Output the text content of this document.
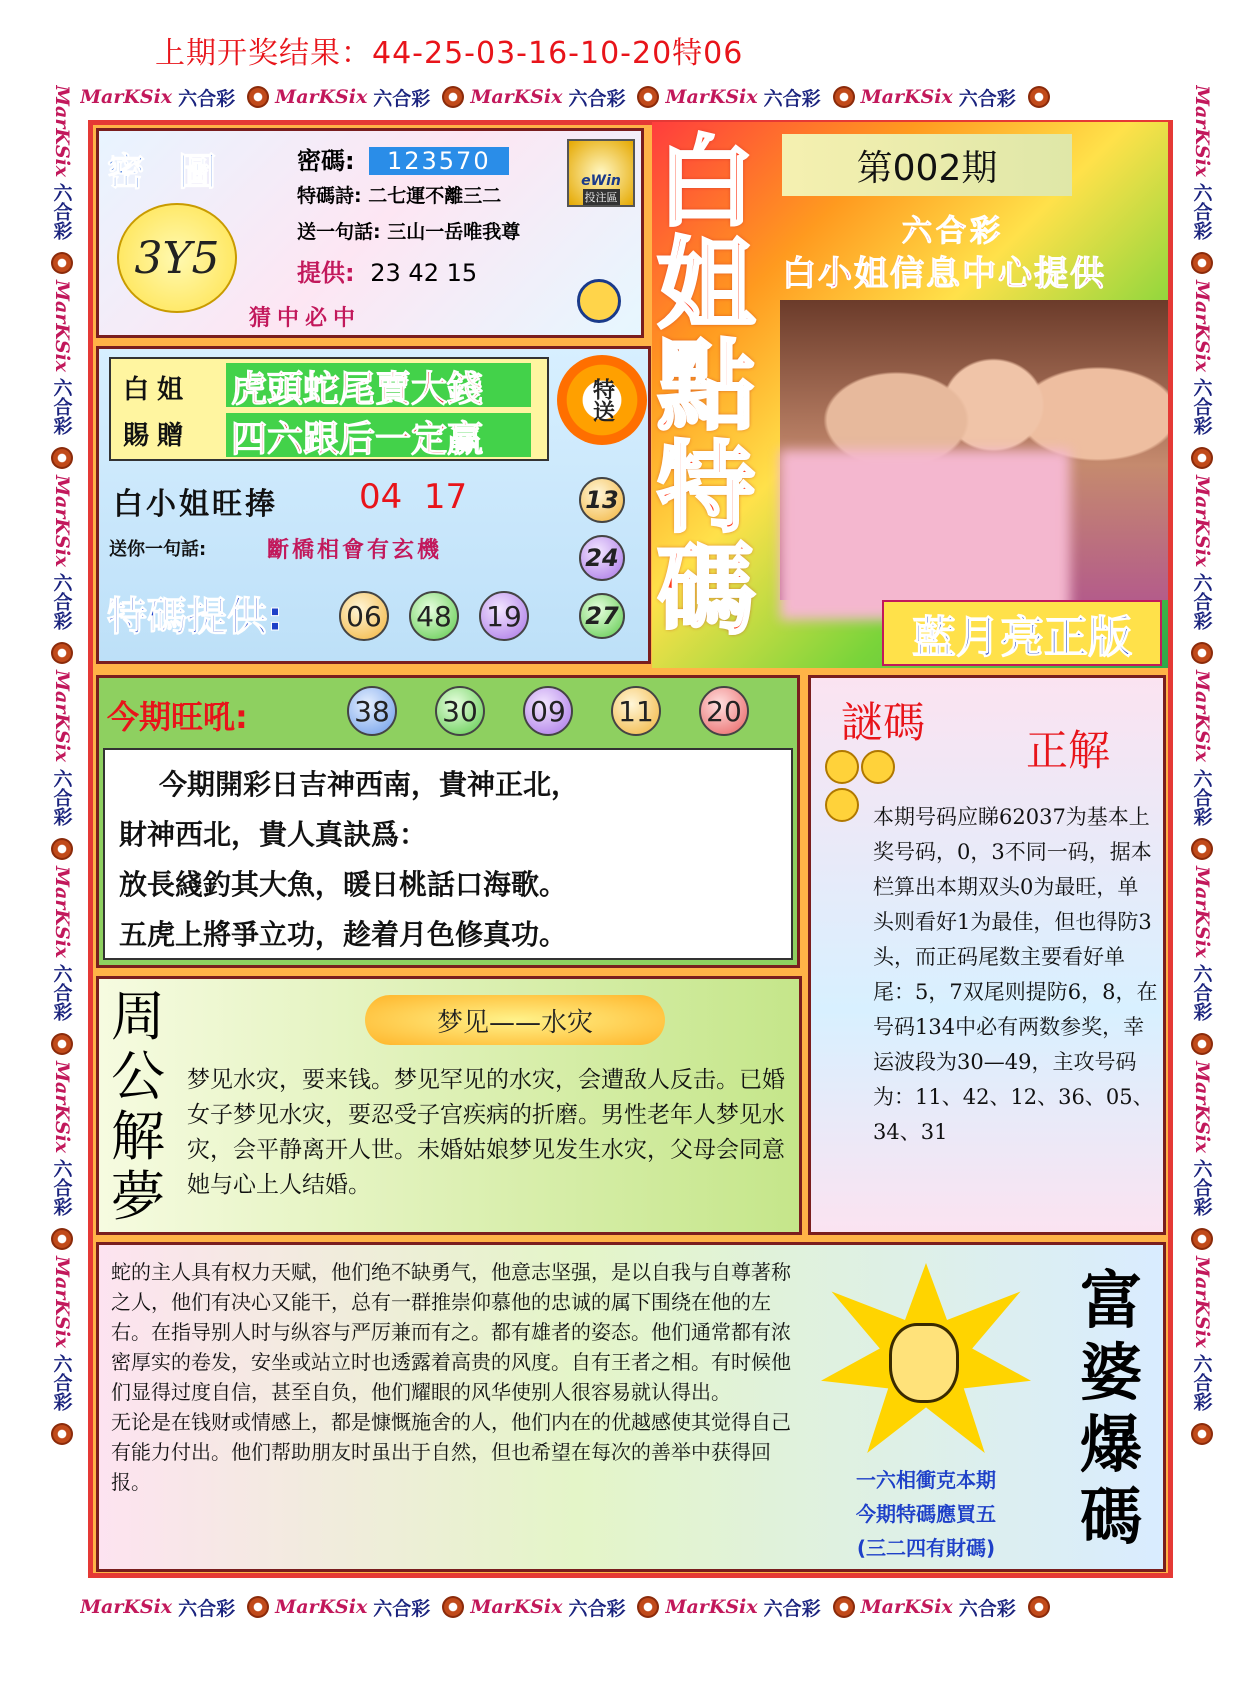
上期开奖结果：44-25-03-16-10-20特06
MarKSix 六合彩 MarKSix 六合彩 MarKSix 六合彩 MarKSix 六合彩 MarKSix 六合彩
MarKSix 六合彩 MarKSix 六合彩 MarKSix 六合彩 MarKSix 六合彩 MarKSix 六合彩
MarKSix
六合彩
MarKSix
六合彩
MarKSix
六合彩
MarKSix
六合彩
MarKSix
六合彩
MarKSix
六合彩
MarKSix
六合彩
MarKSix
六合彩
MarKSix
六合彩
MarKSix
六合彩
MarKSix
六合彩
MarKSix
六合彩
MarKSix
六合彩
MarKSix
六合彩
密 圖
3Y5
猜中必中
密碼: 123570
特碼詩: 二七運不離三二
送一句話: 三山一岳唯我尊
提供: 23 42 15
eWin
投注區
白姐
賜贈
虎頭蛇尾賣大錢
四六跟后一定赢
特送
白小姐旺捧 04  17
送你一句話:	斷橋相會有玄機
特碼提供: 06 48 19
13
24
27
第002期
六合彩
白小姐信息中心提供
白
姐
點
特
碼	藍月亮正版
今期旺吼:	38 30 09 11 20
今期開彩日吉神西南，貴神正北，
財神西北，貴人真訣爲：
放長綫釣其大魚，暖日桃話口海歌。
五虎上將爭立功，趁着月色修真功。
謎碼
正解
本期号码应睇62037为基本上奖号码，0，3不同一码，据本栏算出本期双头0为最旺，单头则看好1为最佳，但也得防3头，而正码尾数主要看好单尾：5，7双尾则提防6，8，在号码134中必有两数参奖，幸运波段为30—49，主攻号码为：11、42、12、36、05、34、31
周
公
解
夢
梦见——水灾
梦见水灾，要来钱。梦见罕见的水灾，会遭敌人反击。已婚女子梦见水灾，要忍受子宫疾病的折磨。男性老年人梦见水灾，会平静离开人世。未婚姑娘梦见发生水灾，父母会同意她与心上人结婚。
蛇的主人具有权力天赋，他们绝不缺勇气，他意志坚强，是以自我与自尊著称之人，他们有决心又能干，总有一群推崇仰慕他的忠诚的属下围绕在他的左右。在指导别人时与纵容与严厉兼而有之。都有雄者的姿态。他们通常都有浓密厚实的卷发，安坐或站立时也透露着高贵的风度。自有王者之相。有时候他们显得过度自信，甚至自负，他们耀眼的风华使别人很容易就认得出。
无论是在钱财或情感上，都是慷慨施舍的人，他们内在的优越感使其觉得自己有能力付出。他们帮助朋友时虽出于自然，但也希望在每次的善举中获得回报。	一六相衝克本期
今期特碼應買五
(三二四有財碼)
富
婆
爆
碼
